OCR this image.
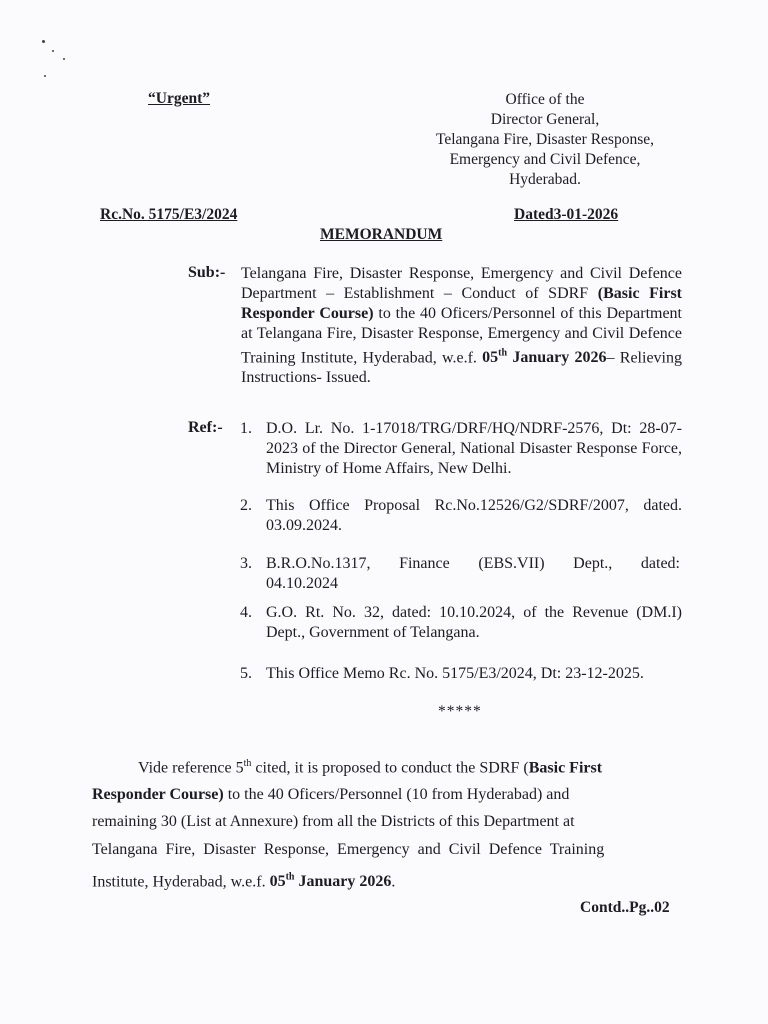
“Urgent”	Office of the
Director General,
Telangana Fire, Disaster Response,
Emergency and Civil Defence,
Hyderabad.
Rc.No. 5175/E3/2024	Dated3-01-2026
MEMORANDUM
Sub:- Telangana Fire, Disaster Response, Emergency and Civil Defence Department – Establishment – Conduct of SDRF (Basic First Responder Course) to the 40 Oficers/Personnel of this Department at Telangana Fire, Disaster Response, Emergency and Civil Defence Training Institute, Hyderabad, w.e.f. 05th January 2026– Relieving Instructions- Issued.
Ref:- 1. D.O. Lr. No. 1-17018/TRG/DRF/HQ/NDRF-2576, Dt: 28-07-2023 of the Director General, National Disaster Response Force, Ministry of Home Affairs, New Delhi.
2. This Office Proposal Rc.No.12526/G2/SDRF/2007, dated. 03.09.2024.
3. B.R.O.No.1317, Finance (EBS.VII) Dept., dated: 04.10.2024
4. G.O. Rt. No. 32, dated: 10.10.2024, of the Revenue (DM.I) Dept., Government of Telangana.
5. This Office Memo Rc. No. 5175/E3/2024, Dt: 23-12-2025.
*****
Vide reference 5th cited, it is proposed to conduct the SDRF (Basic First
Responder Course) to the 40 Oficers/Personnel (10 from Hyderabad) and
remaining 30 (List at Annexure) from all the Districts of this Department at
Telangana Fire, Disaster Response, Emergency and Civil Defence Training
Institute, Hyderabad, w.e.f. 05th January 2026.
Contd..Pg..02
